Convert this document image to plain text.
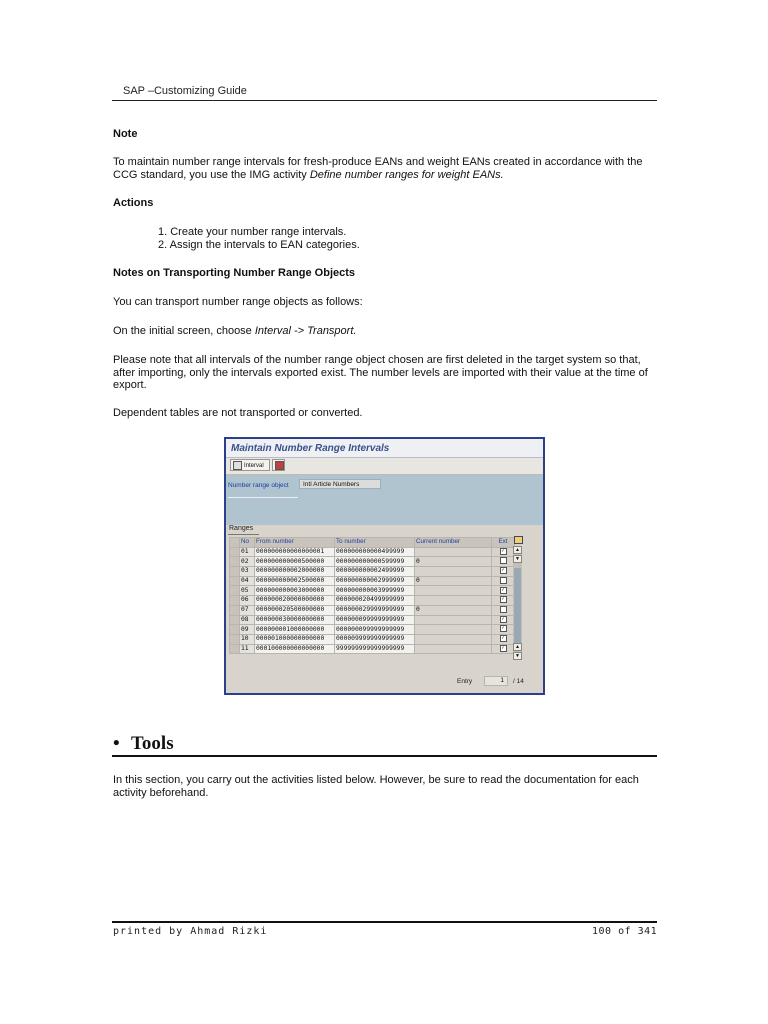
SAP –Customizing Guide
Note
To maintain number range intervals for fresh-produce EANs and weight EANs created in accordance with the CCG standard, you use the IMG activity Define number ranges for weight EANs.
Actions
1. Create your number range intervals.
2. Assign the intervals to EAN categories.
Notes on Transporting Number Range Objects
You can transport number range objects as follows:
On the initial screen, choose Interval -> Transport.
Please note that all intervals of the number range object chosen are first deleted in the target system so that, after importing, only the intervals exported exist. The number levels are imported with their value at the time of export.
Dependent tables are not transported or converted.
Maintain Number Range Intervals
Interval
Number range object	Intl Article Numbers
Ranges
	No	From number	To number	Current number	Ext
	01	000000000000000001	000000000000499999		✓
	02	000000000000500000	000000000000599999	0	
	03	000000000002000000	000000000002499999		✓
	04	000000000002500000	000000000002999999	0	
	05	000000000003000000	000000000003999999		✓
	06	000000020000000000	000000020499999999		✓
	07	000000020500000000	000000029999999999	0	
	08	000000030000000000	000000099999999999		✓
	09	000000001000000000	000000099999999999		✓
	10	000001000000000000	000009999999999999		✓
	11	000100000000000000	999999999999999999		✓
▲
▼
▲
▼
Entry	1	/ 14
• Tools
In this section, you carry out the activities listed below. However, be sure to read the documentation for each activity beforehand.
printed by Ahmad Rizki	100 of 341
